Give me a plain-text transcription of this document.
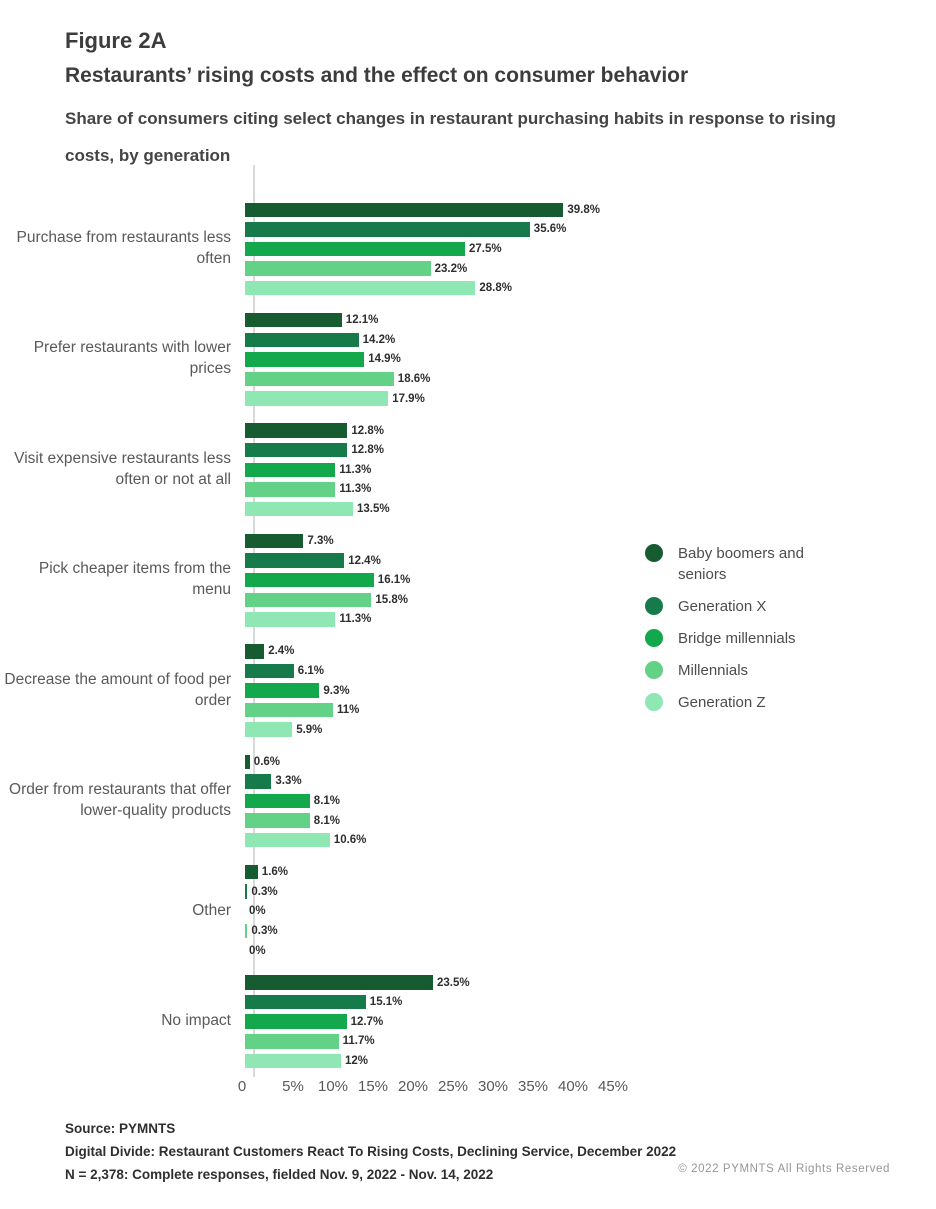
Figure 2A
Restaurants’ rising costs and the effect on consumer behavior
Share of consumers citing select changes in restaurant purchasing habits in response to rising costs, by generation
Purchase from restaurants less often
39.8%
35.6%
27.5%
23.2%
28.8%
Prefer restaurants with lower prices
12.1%
14.2%
14.9%
18.6%
17.9%
Visit expensive restaurants less often or not at all
12.8%
12.8%
11.3%
11.3%
13.5%
Pick cheaper items from the menu
7.3%
12.4%
16.1%
15.8%
11.3%
Decrease the amount of food per order
2.4%
6.1%
9.3%
11%
5.9%
Order from restaurants that offer lower-quality products
0.6%
3.3%
8.1%
8.1%
10.6%
Other
1.6%
0.3%
0%
0.3%
0%
No impact
23.5%
15.1%
12.7%
11.7%
12%
0 5% 10% 15% 20% 25% 30% 35% 40% 45%
Baby boomers and seniors
Generation X
Bridge millennials
Millennials
Generation Z
Source: PYMNTS
Digital Divide: Restaurant Customers React To Rising Costs, Declining Service, December 2022
N = 2,378: Complete responses, fielded Nov. 9, 2022 - Nov. 14, 2022	© 2022 PYMNTS All Rights Reserved
